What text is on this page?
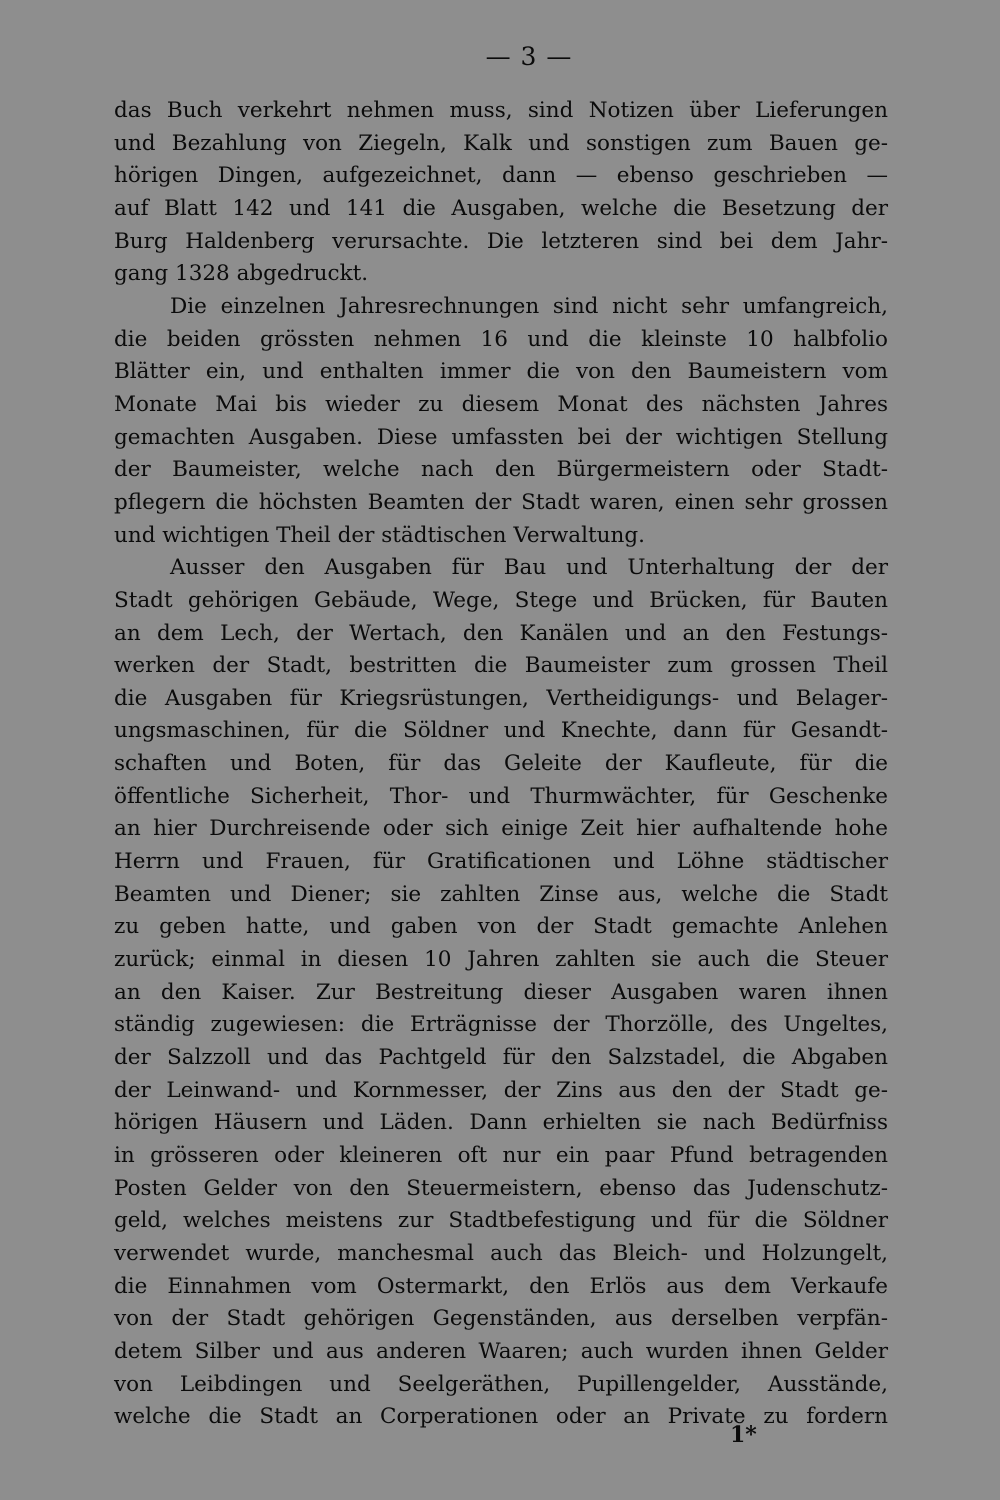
— 3 —
das Buch verkehrt nehmen muss, sind Notizen über Lieferungen
und Bezahlung von Ziegeln, Kalk und sonstigen zum Bauen ge-
hörigen Dingen, aufgezeichnet, dann — ebenso geschrieben —
auf Blatt 142 und 141 die Ausgaben, welche die Besetzung der
Burg Haldenberg verursachte. Die letzteren sind bei dem Jahr-
gang 1328 abgedruckt.
Die einzelnen Jahresrechnungen sind nicht sehr umfangreich,
die beiden grössten nehmen 16 und die kleinste 10 halbfolio
Blätter ein, und enthalten immer die von den Baumeistern vom
Monate Mai bis wieder zu diesem Monat des nächsten Jahres
gemachten Ausgaben. Diese umfassten bei der wichtigen Stellung
der Baumeister, welche nach den Bürgermeistern oder Stadt-
pflegern die höchsten Beamten der Stadt waren, einen sehr grossen
und wichtigen Theil der städtischen Verwaltung.
Ausser den Ausgaben für Bau und Unterhaltung der der
Stadt gehörigen Gebäude, Wege, Stege und Brücken, für Bauten
an dem Lech, der Wertach, den Kanälen und an den Festungs-
werken der Stadt, bestritten die Baumeister zum grossen Theil
die Ausgaben für Kriegsrüstungen, Vertheidigungs- und Belager-
ungsmaschinen, für die Söldner und Knechte, dann für Gesandt-
schaften und Boten, für das Geleite der Kaufleute, für die
öffentliche Sicherheit, Thor- und Thurmwächter, für Geschenke
an hier Durchreisende oder sich einige Zeit hier aufhaltende hohe
Herrn und Frauen, für Gratificationen und Löhne städtischer
Beamten und Diener; sie zahlten Zinse aus, welche die Stadt
zu geben hatte, und gaben von der Stadt gemachte Anlehen
zurück; einmal in diesen 10 Jahren zahlten sie auch die Steuer
an den Kaiser. Zur Bestreitung dieser Ausgaben waren ihnen
ständig zugewiesen: die Erträgnisse der Thorzölle, des Ungeltes,
der Salzzoll und das Pachtgeld für den Salzstadel, die Abgaben
der Leinwand- und Kornmesser, der Zins aus den der Stadt ge-
hörigen Häusern und Läden. Dann erhielten sie nach Bedürfniss
in grösseren oder kleineren oft nur ein paar Pfund betragenden
Posten Gelder von den Steuermeistern, ebenso das Judenschutz-
geld, welches meistens zur Stadtbefestigung und für die Söldner
verwendet wurde, manchesmal auch das Bleich- und Holzungelt,
die Einnahmen vom Ostermarkt, den Erlös aus dem Verkaufe
von der Stadt gehörigen Gegenständen, aus derselben verpfän-
detem Silber und aus anderen Waaren; auch wurden ihnen Gelder
von Leibdingen und Seelgeräthen, Pupillengelder, Ausstände,
welche die Stadt an Corperationen oder an Private zu fordern
1*
